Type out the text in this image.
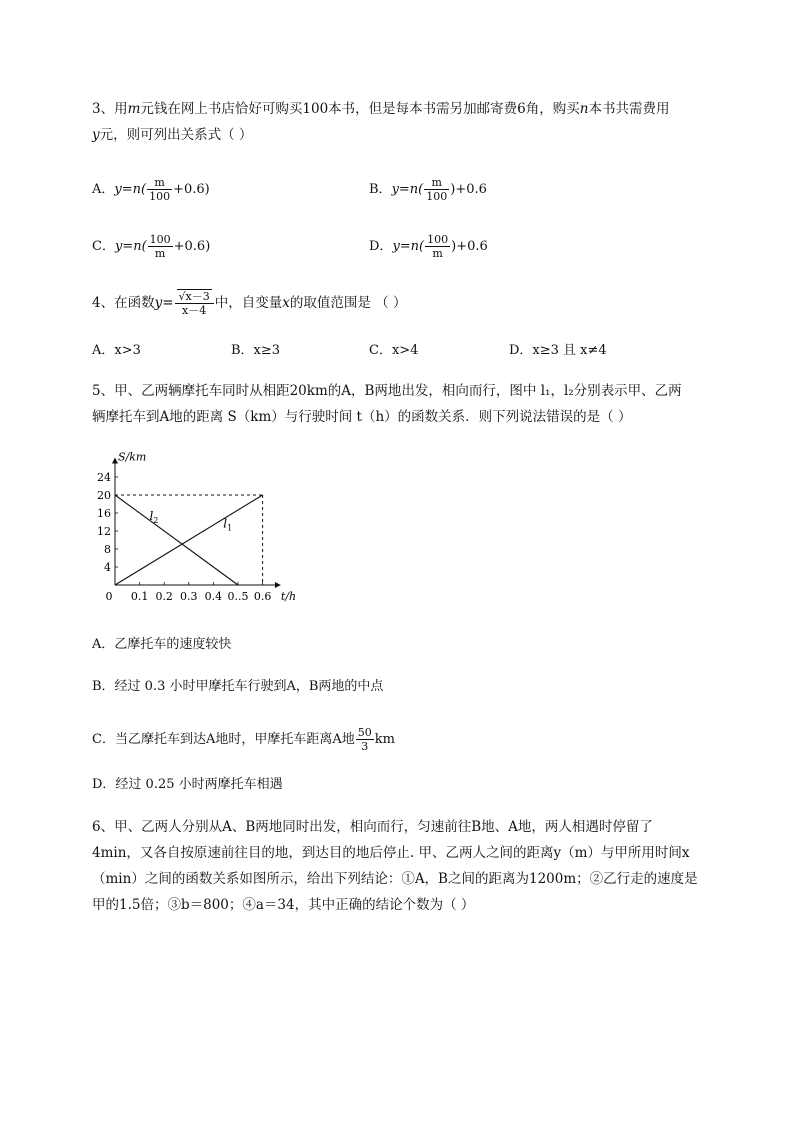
3、用m元钱在网上书店恰好可购买100本书，但是每本书需另加邮寄费6角，购买n本书共需费用
y元，则可列出关系式（ ）
A．$y=n( \frac{m}{100} +0.6)$	B．$y=n( \frac{m}{100} )+0.6$
C．$y=n( \frac{100}{m} +0.6)$	D．$y=n( \frac{100}{m} )+0.6$
4、在函数$y= \frac{√x-3}{x-4}$ 中，自变量x的取值范围是 （ ）
A．x>3	B．x≥3	C．x>4	D．x≥3 且 x≠4
5、甲、乙两辆摩托车同时从相距20km的A，B两地出发，相向而行，图中 l₁，l₂分别表示甲、乙两
辆摩托车到A地的距离 S（km）与行驶时间 t（h）的函数关系．则下列说法错误的是（ ）
S/km
t/h
0 0.1 0.2 0.3 0.4 0..5 0.6
4
8
12
16
20
24
$l_1$
$l_2$
A．乙摩托车的速度较快
B．经过 0.3 小时甲摩托车行驶到A，B两地的中点
C．当乙摩托车到达A地时，甲摩托车距离A地 $\frac{50}{3}$ km
D．经过 0.25 小时两摩托车相遇
6、甲、乙两人分别从A、B两地同时出发，相向而行，匀速前往B地、A地，两人相遇时停留了
4min，又各自按原速前往目的地，到达目的地后停止. 甲、乙两人之间的距离y（m）与甲所用时间x
（min）之间的函数关系如图所示，给出下列结论：①A，B之间的距离为1200m；②乙行走的速度是
甲的1.5倍；③b＝800；④a＝34，其中正确的结论个数为（ ）
